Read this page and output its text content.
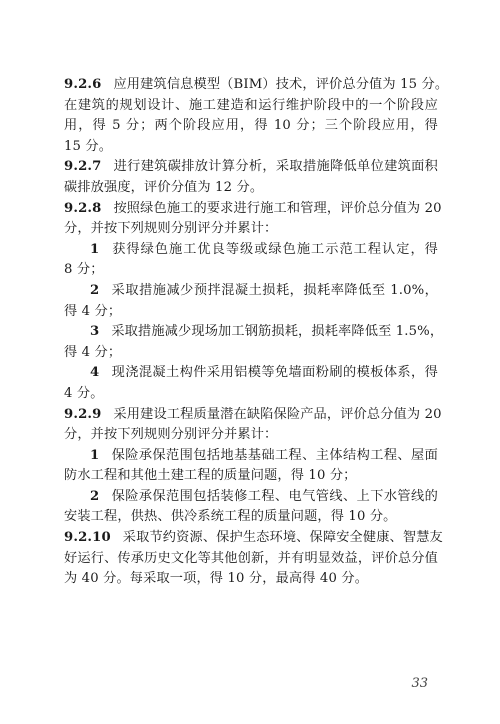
9.2.6 应用建筑信息模型（BIM）技术，评价总分值为 15 分。
在建筑的规划设计、施工建造和运行维护阶段中的一个阶段应
用，得 5 分；两个阶段应用，得 10 分；三个阶段应用，得
15 分。
9.2.7 进行建筑碳排放计算分析，采取措施降低单位建筑面积
碳排放强度，评价分值为 12 分。
9.2.8 按照绿色施工的要求进行施工和管理，评价总分值为 20
分，并按下列规则分别评分并累计：
1 获得绿色施工优良等级或绿色施工示范工程认定，得
8 分；
2 采取措施减少预拌混凝土损耗，损耗率降低至 1.0%，
得 4 分；
3 采取措施减少现场加工钢筋损耗，损耗率降低至 1.5%，
得 4 分；
4 现浇混凝土构件采用铝模等免墙面粉刷的模板体系，得
4 分。
9.2.9 采用建设工程质量潜在缺陷保险产品，评价总分值为 20
分，并按下列规则分别评分并累计：
1 保险承保范围包括地基基础工程、主体结构工程、屋面
防水工程和其他土建工程的质量问题，得 10 分；
2 保险承保范围包括装修工程、电气管线、上下水管线的
安装工程，供热、供冷系统工程的质量问题，得 10 分。
9.2.10 采取节约资源、保护生态环境、保障安全健康、智慧友
好运行、传承历史文化等其他创新，并有明显效益，评价总分值
为 40 分。每采取一项，得 10 分，最高得 40 分。
33
